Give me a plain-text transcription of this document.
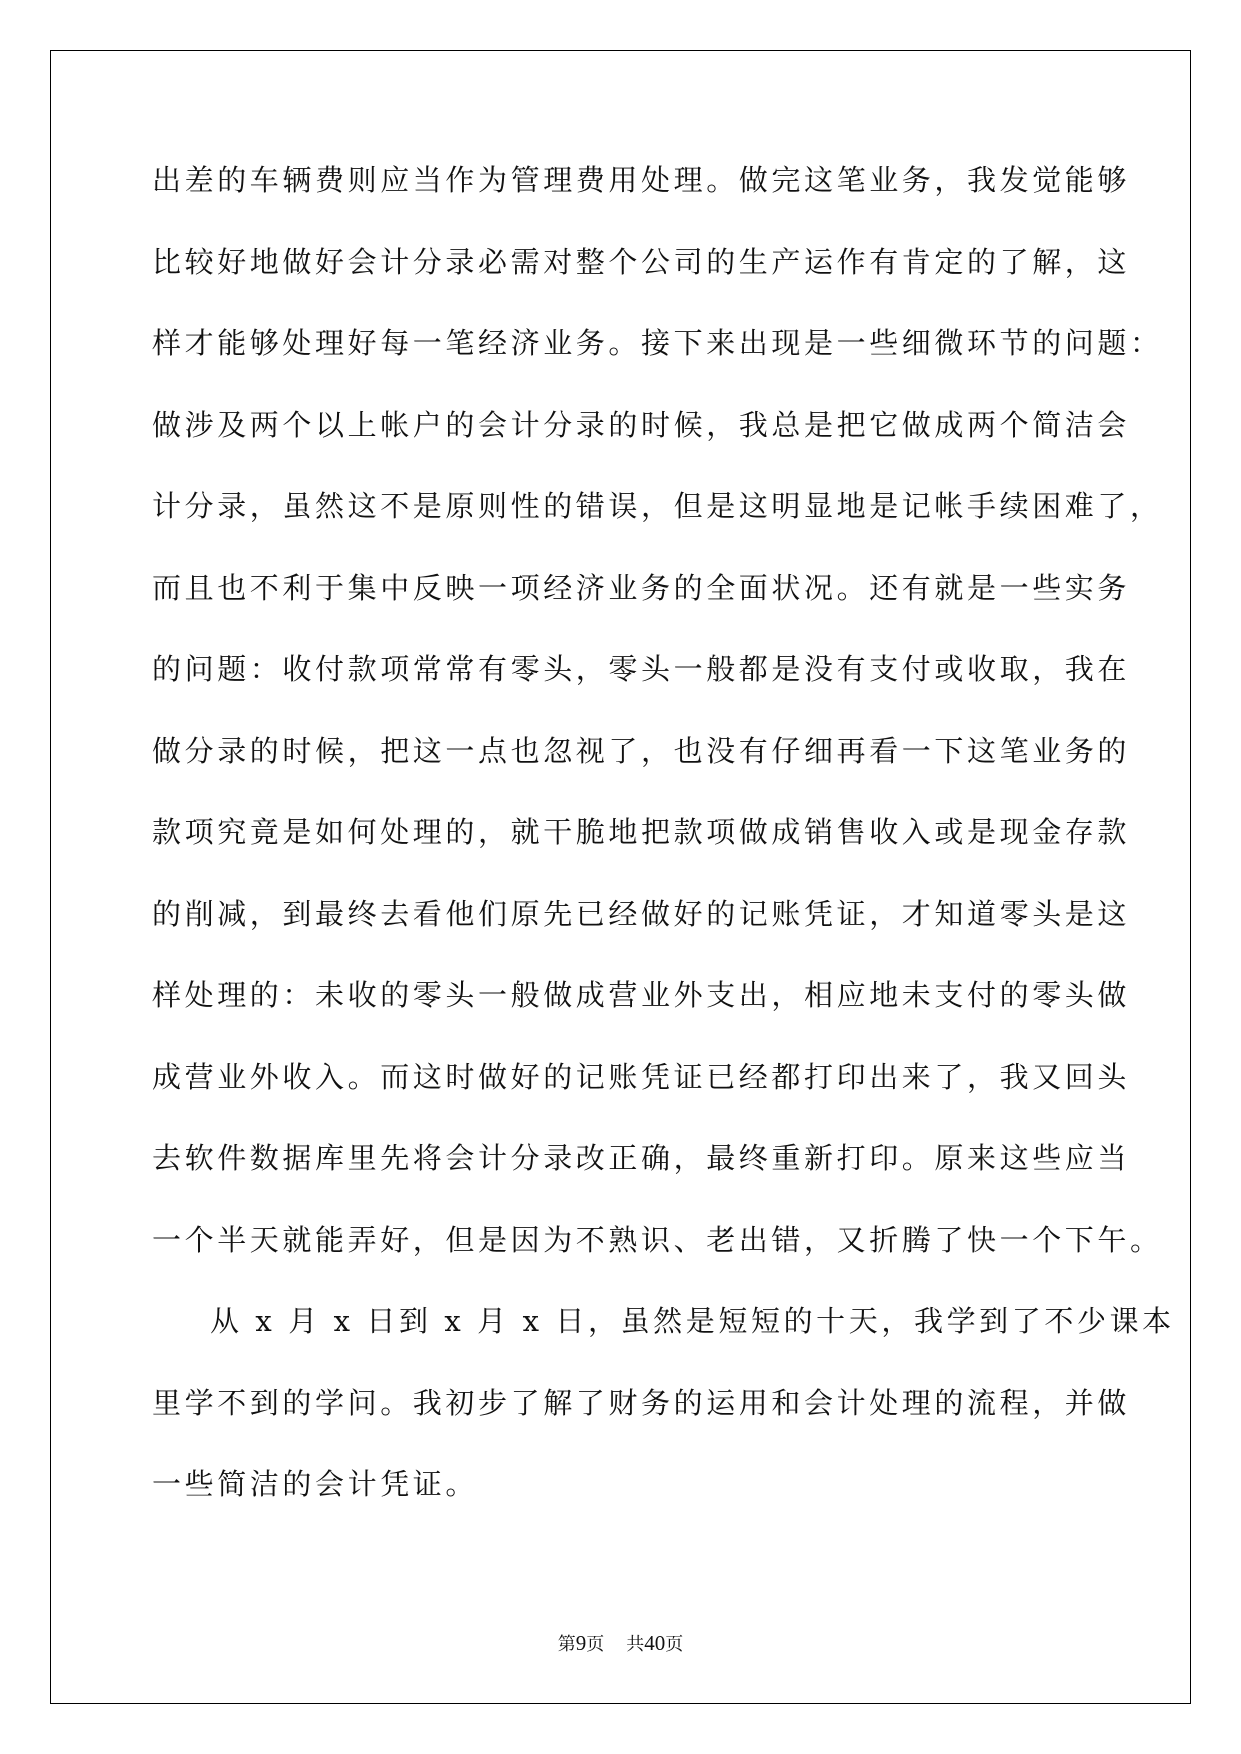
出差的车辆费则应当作为管理费用处理。做完这笔业务，我发觉能够
比较好地做好会计分录必需对整个公司的生产运作有肯定的了解，这
样才能够处理好每一笔经济业务。接下来出现是一些细微环节的问题：
做涉及两个以上帐户的会计分录的时候，我总是把它做成两个简洁会
计分录，虽然这不是原则性的错误，但是这明显地是记帐手续困难了，
而且也不利于集中反映一项经济业务的全面状况。还有就是一些实务
的问题：收付款项常常有零头，零头一般都是没有支付或收取，我在
做分录的时候，把这一点也忽视了，也没有仔细再看一下这笔业务的
款项究竟是如何处理的，就干脆地把款项做成销售收入或是现金存款
的削减，到最终去看他们原先已经做好的记账凭证，才知道零头是这
样处理的：未收的零头一般做成营业外支出，相应地未支付的零头做
成营业外收入。而这时做好的记账凭证已经都打印出来了，我又回头
去软件数据库里先将会计分录改正确，最终重新打印。原来这些应当
一个半天就能弄好，但是因为不熟识、老出错，又折腾了快一个下午。
从 x 月 x 日到 x 月 x 日，虽然是短短的十天，我学到了不少课本
里学不到的学问。我初步了解了财务的运用和会计处理的流程，并做
一些简洁的会计凭证。
第9页 共40页
